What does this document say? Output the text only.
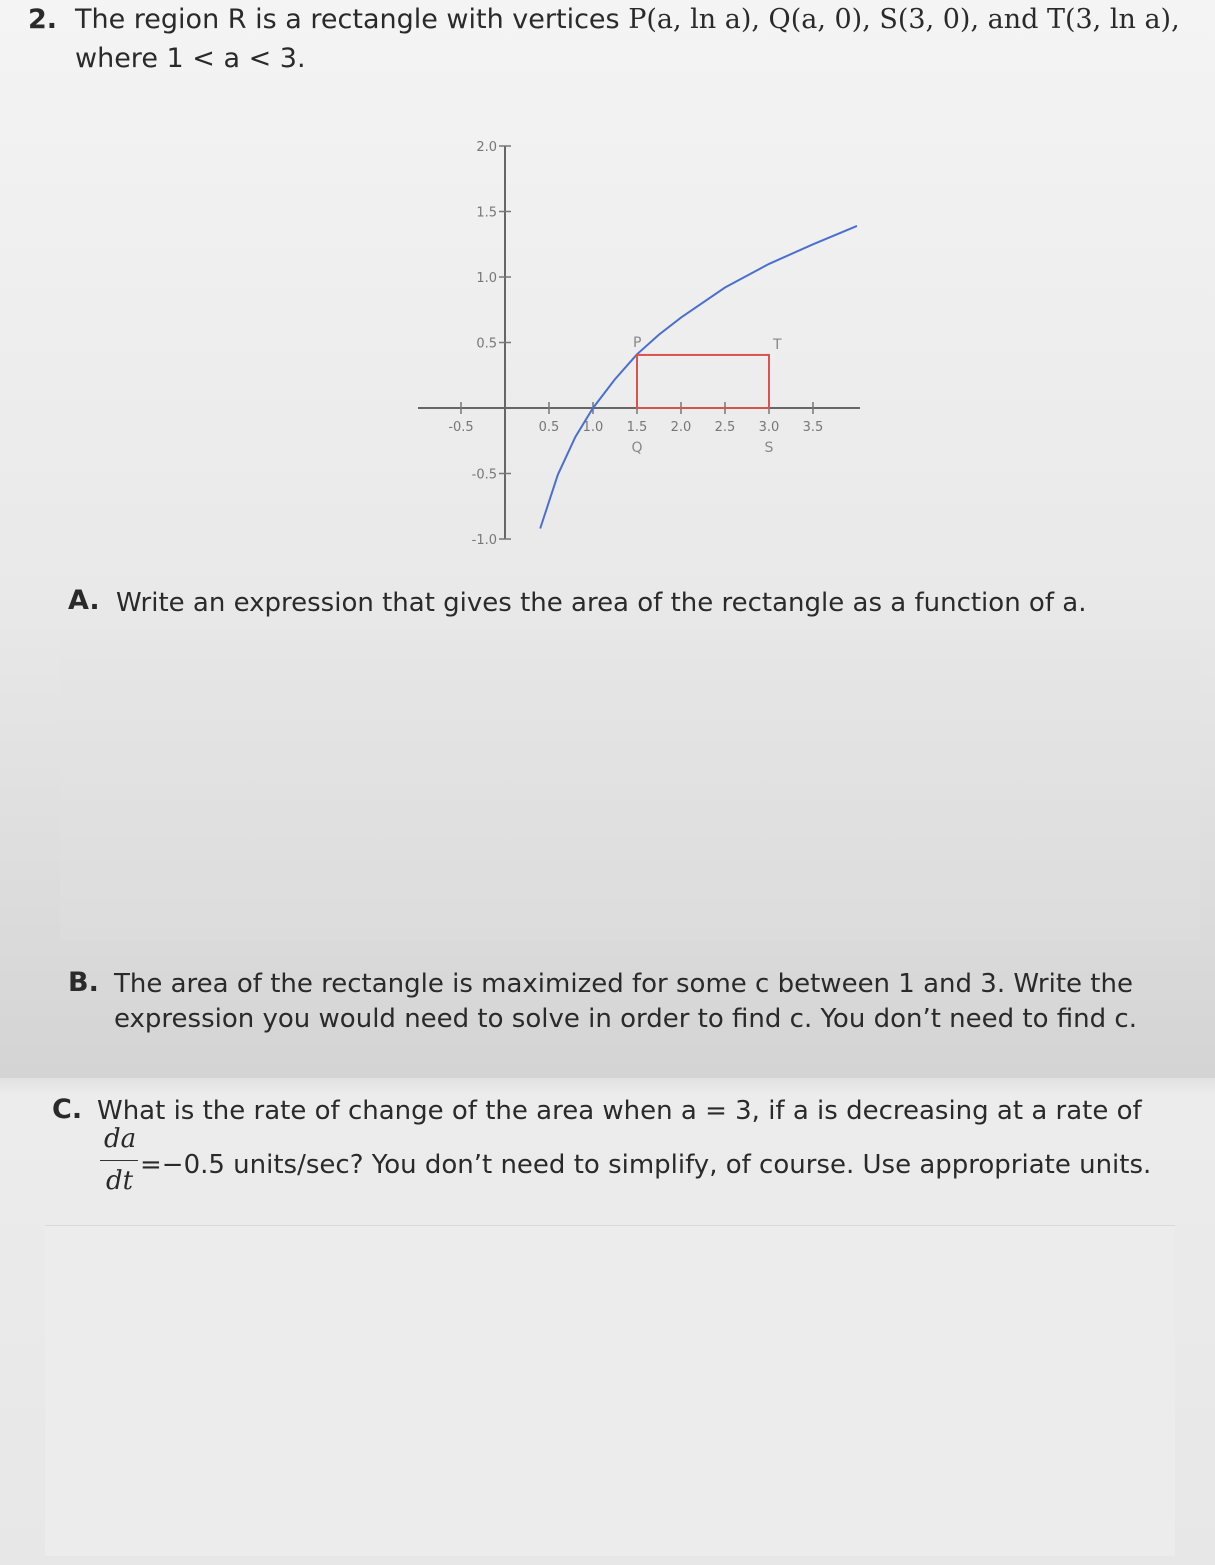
2. The region R is a rectangle with vertices P(a, ln a), Q(a, 0), S(3, 0), and T(3, ln a),
where 1 < a < 3.
2.0
1.5
1.0
0.5
-0.5
-1.0
-0.5	0.5 1.0 1.5 2.0 2.5 3.0 3.5
P	T
Q	S
A. Write an expression that gives the area of the rectangle as a function of a.
B. The area of the rectangle is maximized for some c between 1 and 3. Write the
expression you would need to solve in order to find c. You don’t need to find c.
C. What is the rate of change of the area when a = 3, if a is decreasing at a rate of
da
dt
=−0.5 units/sec? You don’t need to simplify, of course. Use appropriate units.
